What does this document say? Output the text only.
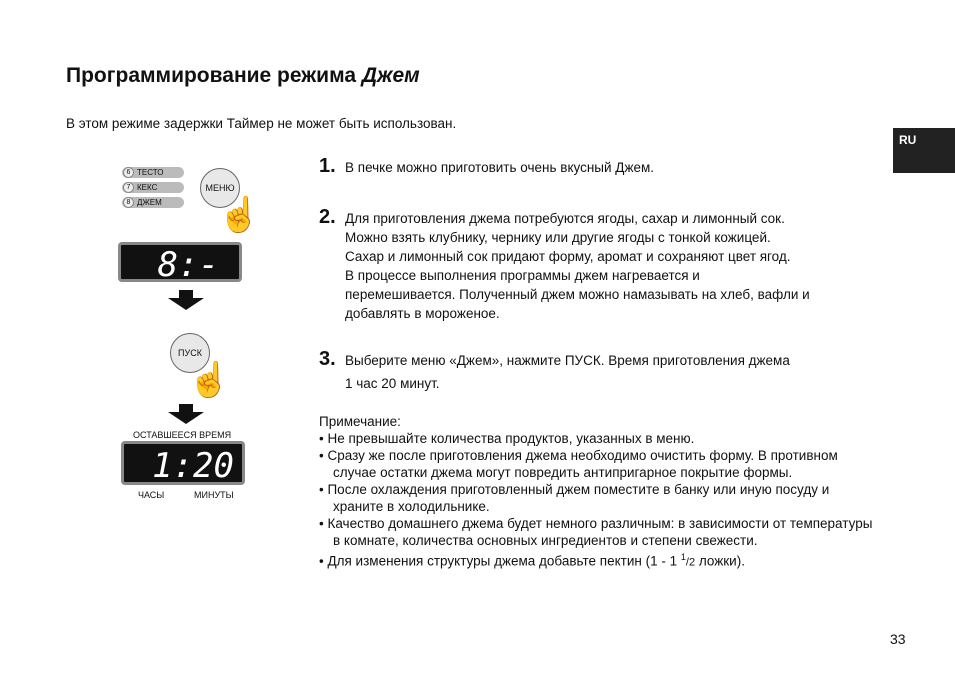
Программирование режима Джем
В этом режиме задержки Таймер не может быть использован.
RU
6 ТЕСТО
7 КЕКС
8 ДЖЕМ
МЕНЮ
☝
8:-
ПУСК
☝
ОСТАВШЕЕСЯ ВРЕМЯ
1:20
ЧАСЫ	МИНУТЫ
1. В печке можно приготовить очень вкусный Джем.
2. Для приготовления джема потребуются ягоды, сахар и лимонный сок.
Можно взять клубнику, чернику или другие ягоды с тонкой кожицей.
Сахар и лимонный сок придают форму, аромат и сохраняют цвет ягод.
В процессе выполнения программы джем нагревается и
перемешивается. Полученный джем можно намазывать на хлеб, вафли и
добавлять в мороженое.
3. Выберите меню «Джем», нажмите ПУСК. Время приготовления джема
1 час 20 минут.
Примечание:
• Не превышайте количества продуктов, указанных в меню.
• Сразу же после приготовления джема необходимо очистить форму. В противном случае остатки джема могут повредить антипригарное покрытие формы.
• После охлаждения приготовленный джем поместите в банку или иную посуду и храните в холодильнике.
• Качество домашнего джема будет немного различным: в зависимости от температуры в комнате, количества основных ингредиентов и степени свежести.
• Для изменения структуры джема добавьте пектин (1 - 1 $^1$/2 ложки).
33
